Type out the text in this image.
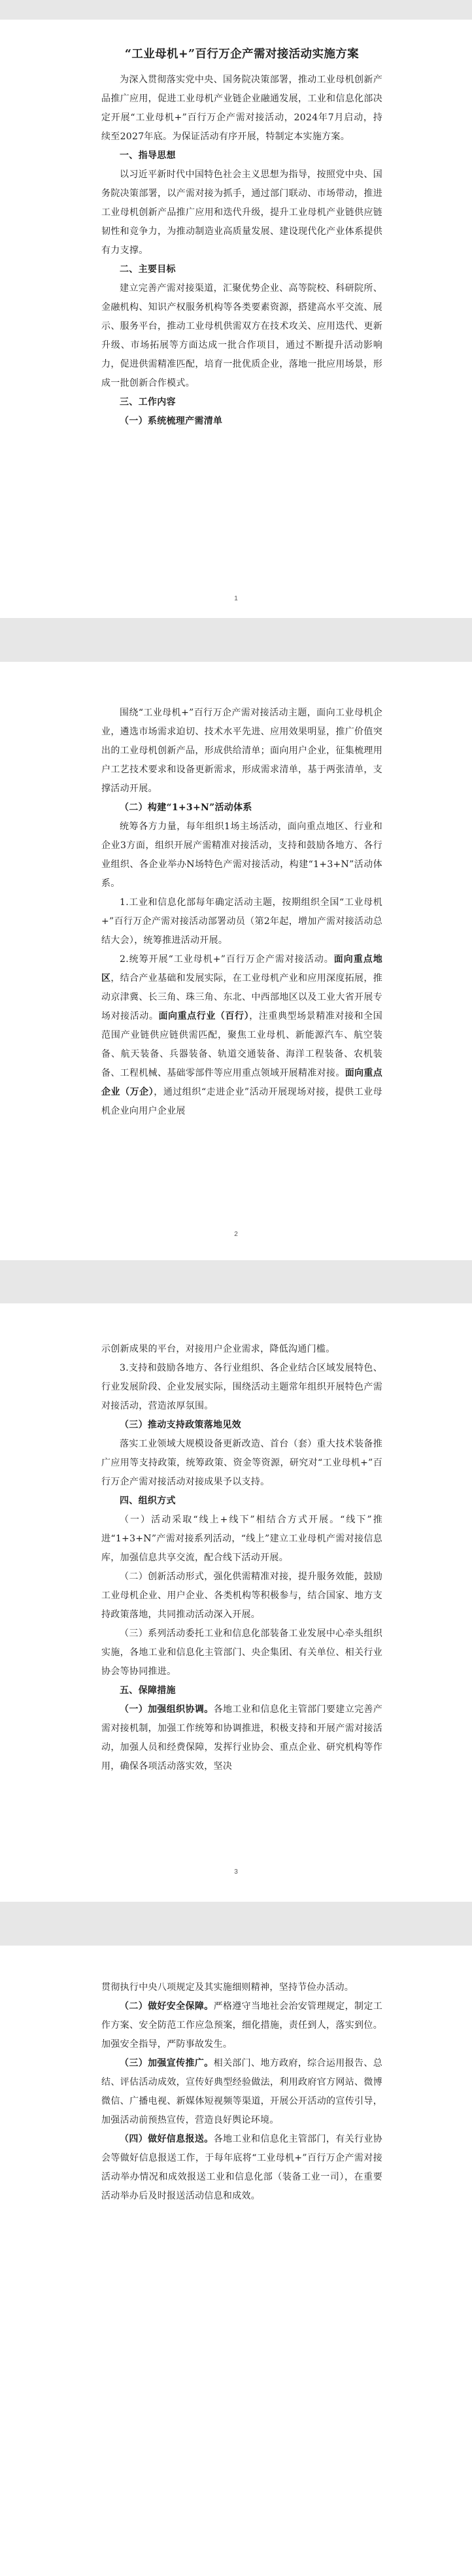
“工业母机+”百行万企产需对接活动实施方案

为深入贯彻落实党中央、国务院决策部署，推动工业母机创新产品推广应用，促进工业母机产业链企业融通发展，工业和信息化部决定开展“工业母机+”百行万企产需对接活动，2024年7月启动，持续至2027年底。为保证活动有序开展，特制定本实施方案。

一、指导思想

以习近平新时代中国特色社会主义思想为指导，按照党中央、国务院决策部署，以产需对接为抓手，通过部门联动、市场带动，推进工业母机创新产品推广应用和迭代升级，提升工业母机产业链供应链韧性和竞争力，为推动制造业高质量发展、建设现代化产业体系提供有力支撑。

二、主要目标

建立完善产需对接渠道，汇聚优势企业、高等院校、科研院所、金融机构、知识产权服务机构等各类要素资源，搭建高水平交流、展示、服务平台，推动工业母机供需双方在技术攻关、应用迭代、更新升级、市场拓展等方面达成一批合作项目，通过不断提升活动影响力，促进供需精准匹配，培育一批优质企业，落地一批应用场景，形成一批创新合作模式。

三、工作内容

（一）系统梳理产需清单

1

围绕“工业母机+”百行万企产需对接活动主题，面向工业母机企业，遴选市场需求迫切、技术水平先进、应用效果明显，推广价值突出的工业母机创新产品，形成供给清单；面向用户企业，征集梳理用户工艺技术要求和设备更新需求，形成需求清单，基于两张清单，支撑活动开展。

（二）构建“1+3+N”活动体系

统筹各方力量，每年组织1场主场活动，面向重点地区、行业和企业3方面，组织开展产需精准对接活动，支持和鼓励各地方、各行业组织、各企业举办N场特色产需对接活动，构建“1+3+N”活动体系。

1.工业和信息化部每年确定活动主题，按期组织全国“工业母机+”百行万企产需对接活动部署动员（第2年起，增加产需对接活动总结大会），统筹推进活动开展。

2.统筹开展“工业母机+”百行万企产需对接活动。面向重点地区，结合产业基础和发展实际，在工业母机产业和应用深度拓展，推动京津冀、长三角、珠三角、东北、中西部地区以及工业大省开展专场对接活动。面向重点行业（百行），注重典型场景精准对接和全国范围产业链供应链供需匹配，聚焦工业母机、新能源汽车、航空装备、航天装备、兵器装备、轨道交通装备、海洋工程装备、农机装备、工程机械、基础零部件等应用重点领域开展精准对接。面向重点企业（万企），通过组织“走进企业”活动开展现场对接，提供工业母机企业向用户企业展

2

示创新成果的平台，对接用户企业需求，降低沟通门槛。

3.支持和鼓励各地方、各行业组织、各企业结合区域发展特色、行业发展阶段、企业发展实际，围绕活动主题常年组织开展特色产需对接活动，营造浓厚氛围。

（三）推动支持政策落地见效

落实工业领域大规模设备更新改造、首台（套）重大技术装备推广应用等支持政策，统筹政策、资金等资源，研究对“工业母机+”百行万企产需对接活动对接成果予以支持。

四、组织方式

（一）活动采取“线上+线下”相结合方式开展。“线下”推进“1+3+N”产需对接系列活动，“线上”建立工业母机产需对接信息库，加强信息共享交流，配合线下活动开展。

（二）创新活动形式，强化供需精准对接，提升服务效能，鼓励工业母机企业、用户企业、各类机构等积极参与，结合国家、地方支持政策落地，共同推动活动深入开展。

（三）系列活动委托工业和信息化部装备工业发展中心牵头组织实施，各地工业和信息化主管部门、央企集团、有关单位、相关行业协会等协同推进。

五、保障措施

（一）加强组织协调。各地工业和信息化主管部门要建立完善产需对接机制，加强工作统筹和协调推进，积极支持和开展产需对接活动，加强人员和经费保障，发挥行业协会、重点企业、研究机构等作用，确保各项活动落实效，坚决

3

贯彻执行中央八项规定及其实施细则精神，坚持节俭办活动。

（二）做好安全保障。严格遵守当地社会治安管理规定，制定工作方案、安全防范工作应急预案，细化措施，责任到人，落实到位。加强安全指导，严防事故发生。

（三）加强宣传推广。相关部门、地方政府，综合运用报告、总结、评估活动成效，宣传好典型经验做法，利用政府官方网站、微博微信、广播电视、新媒体短视频等渠道，开展公开活动的宣传引导，加强活动前预热宣传，营造良好舆论环境。

（四）做好信息报送。各地工业和信息化主管部门，有关行业协会等做好信息报送工作，于每年底将“工业母机+”百行万企产需对接活动举办情况和成效报送工业和信息化部（装备工业一司），在重要活动举办后及时报送活动信息和成效。
